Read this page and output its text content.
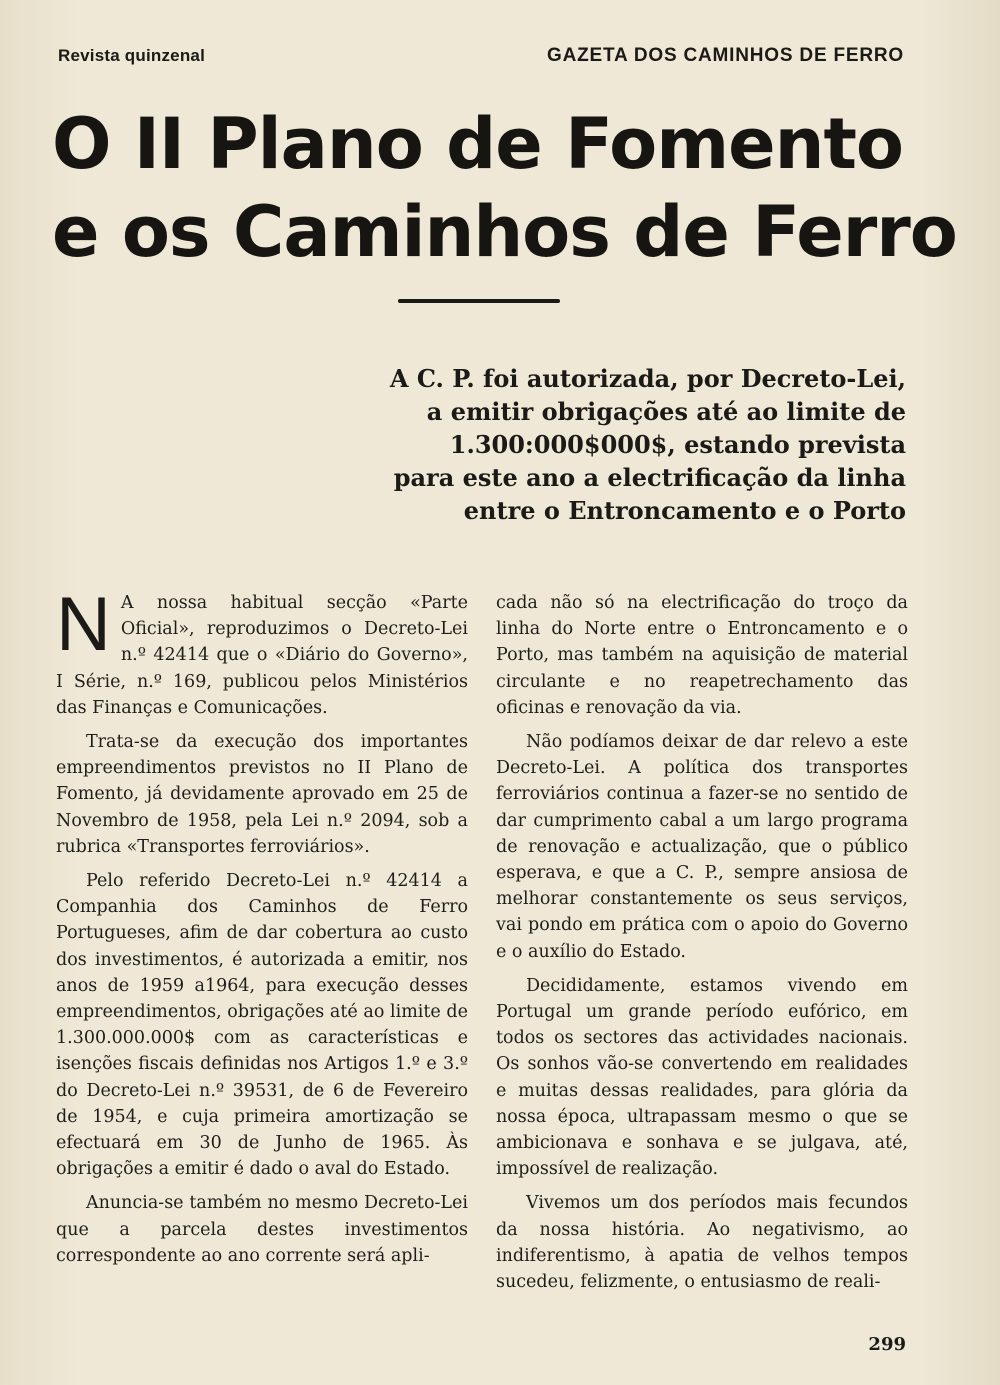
Revista quinzenal	GAZETA DOS CAMINHOS DE FERRO
O II Plano de Fomento
e os Caminhos de Ferro
A C. P. foi autorizada, por Decreto-Lei,
a emitir obrigações até ao limite de
1.300:000$000$, estando prevista
para este ano a electrificação da linha
entre o Entroncamento e o Porto

N A nossa habitual secção «Parte Oficial», reproduzimos o Decreto-Lei n.º 42414 que o «Diário do Governo», I Série, n.º 169, publicou pelos Ministérios das Finanças e Comunicações.

Trata-se da execução dos importantes empreendimentos previstos no II Plano de Fomento, já devidamente aprovado em 25 de Novembro de 1958, pela Lei n.º 2094, sob a rubrica «Transportes ferroviários».

Pelo referido Decreto-Lei n.º 42414 a Companhia dos Caminhos de Ferro Portugueses, afim de dar cobertura ao custo dos investimentos, é autorizada a emitir, nos anos de 1959 a1964, para execução desses empreendimentos, obrigações até ao limite de 1.300.000.000$ com as características e isenções fiscais definidas nos Artigos 1.º e 3.º do Decreto-Lei n.º 39531, de 6 de Fevereiro de 1954, e cuja primeira amortização se efectuará em 30 de Junho de 1965. Às obrigações a emitir é dado o aval do Estado.

Anuncia-se também no mesmo Decreto-Lei que a parcela destes investimentos correspondente ao ano corrente será apli-

cada não só na electrificação do troço da linha do Norte entre o Entroncamento e o Porto, mas também na aquisição de material circulante e no reapetrechamento das oficinas e renovação da via.

Não podíamos deixar de dar relevo a este Decreto-Lei. A política dos transportes ferroviários continua a fazer-se no sentido de dar cumprimento cabal a um largo programa de renovação e actualização, que o público esperava, e que a C. P., sempre ansiosa de melhorar constantemente os seus serviços, vai pondo em prática com o apoio do Governo e o auxílio do Estado.

Decididamente, estamos vivendo em Portugal um grande período eufórico, em todos os sectores das actividades nacionais. Os sonhos vão-se convertendo em realidades e muitas dessas realidades, para glória da nossa época, ultrapassam mesmo o que se ambicionava e sonhava e se julgava, até, impossível de realização.

Vivemos um dos períodos mais fecundos da nossa história. Ao negativismo, ao indiferentismo, à apatia de velhos tempos sucedeu, felizmente, o entusiasmo de reali-

299
